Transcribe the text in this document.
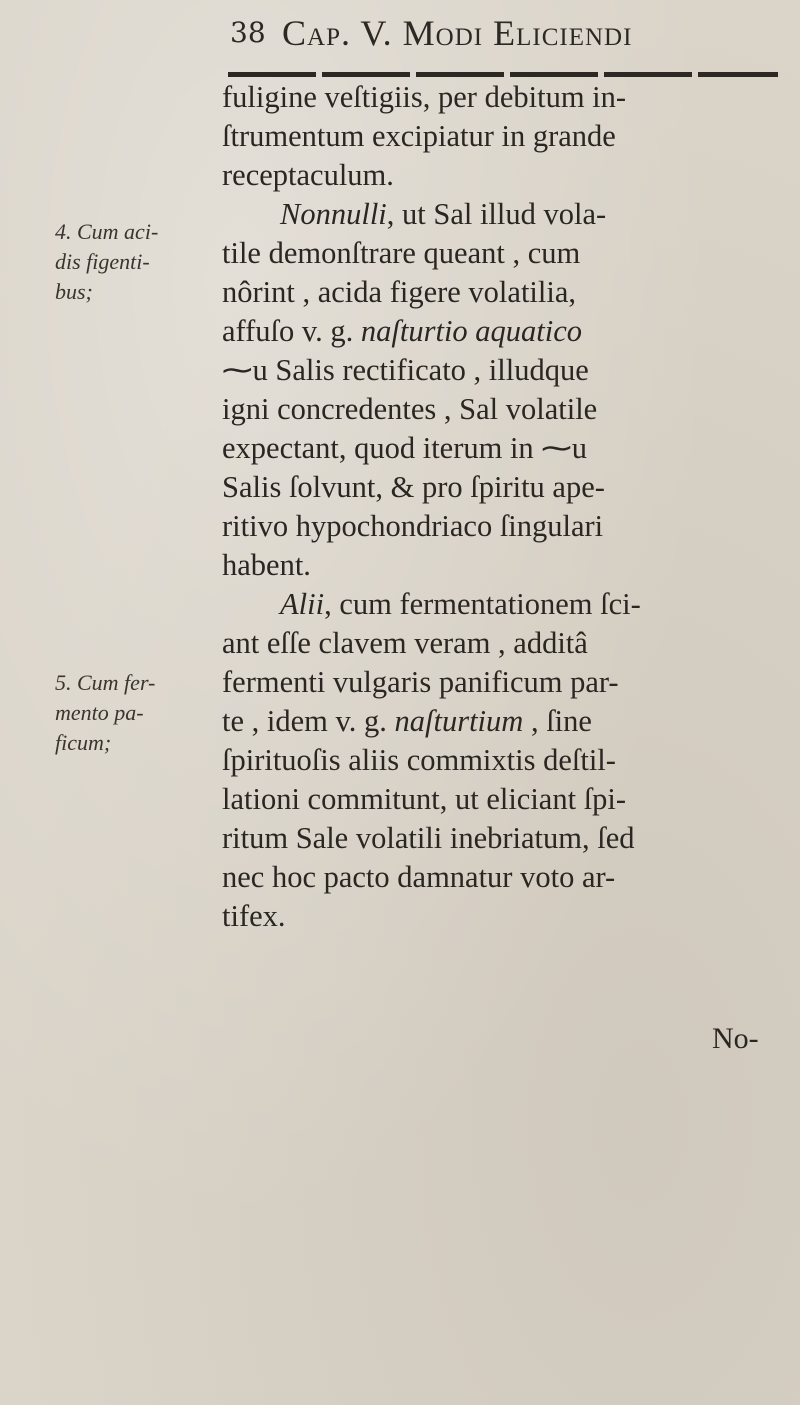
38 Cap. V. Modi Eliciendi
4. Cum aci-
dis figenti-
bus;
5. Cum fer-
mento pa-
ficum;
fuligine veſtigiis, per debitum in-
ſtrumentum excipiatur in grande
receptaculum.
Nonnulli, ut Sal illud vola-
tile demonſtrare queant , cum
nôrint , acida figere volatilia,
affuſo v. g. naſturtio aquatico
⁓u Salis rectificato , illudque
igni concredentes , Sal volatile
expectant, quod iterum in ⁓u
Salis ſolvunt, & pro ſpiritu ape-
ritivo hypochondriaco ſingulari
habent.
Alii, cum fermentationem ſci-
ant eſſe clavem veram , additâ
fermenti vulgaris panificum par-
te , idem v. g. naſturtium , ſine
ſpirituoſis aliis commixtis deſtil-
lationi commitunt, ut eliciant ſpi-
ritum Sale volatili inebriatum, ſed
nec hoc pacto damnatur voto ar-
tifex.
No-
